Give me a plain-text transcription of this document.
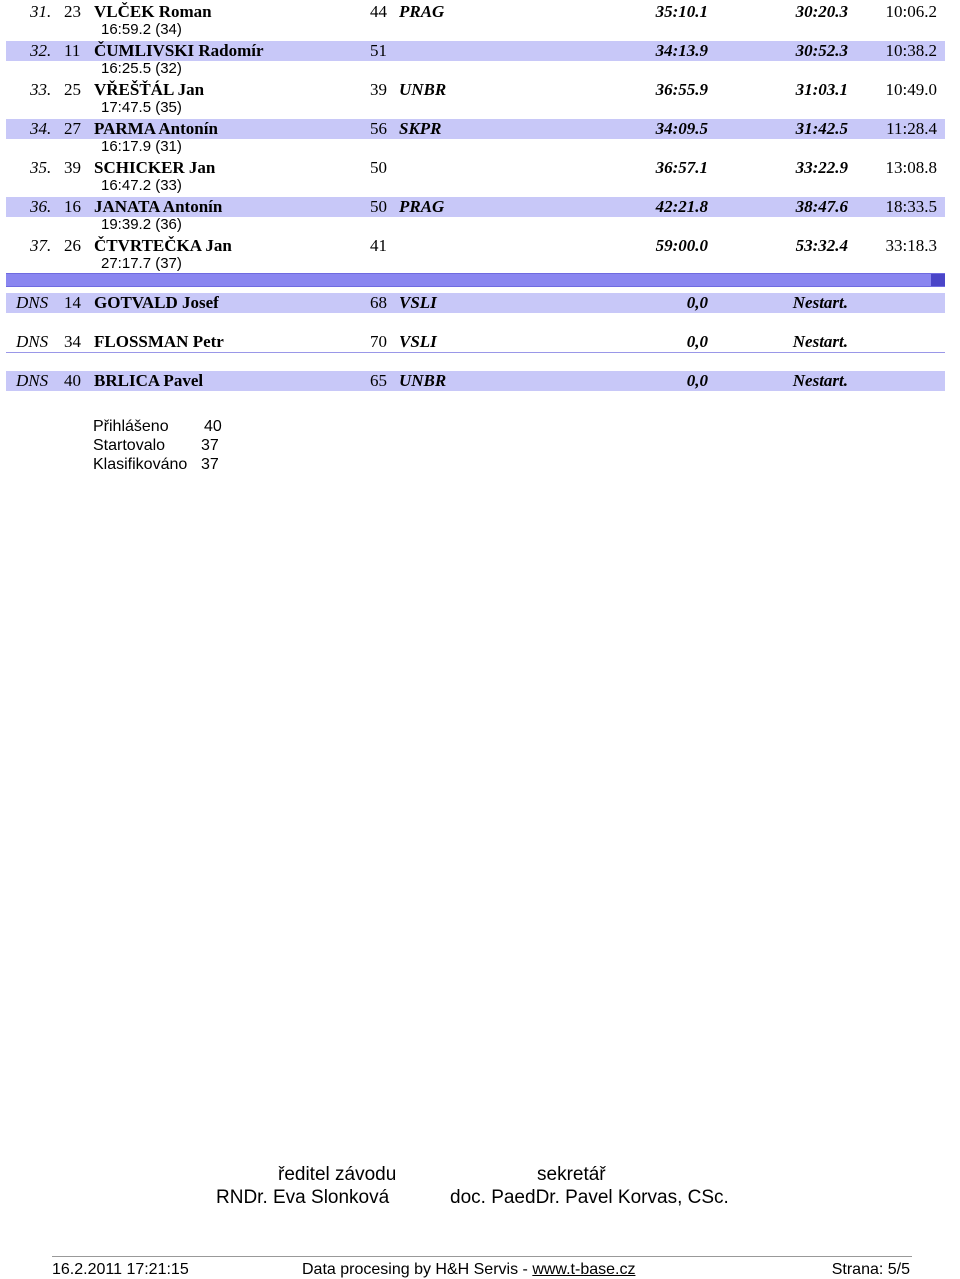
31. 23 VLČEK Roman	44 PRAG	35:10.1	30:20.3 10:06.2
16:59.2 (34)
32. 11 ČUMLIVSKI Radomír	51	34:13.9	30:52.3 10:38.2
16:25.5 (32)
33. 25 VŘEŠŤÁL Jan	39 UNBR	36:55.9	31:03.1 10:49.0
17:47.5 (35)
34. 27 PARMA Antonín	56 SKPR	34:09.5	31:42.5 11:28.4
16:17.9 (31)
35. 39 SCHICKER Jan	50	36:57.1	33:22.9 13:08.8
16:47.2 (33)
36. 16 JANATA Antonín	50 PRAG	42:21.8	38:47.6 18:33.5
19:39.2 (36)
37. 26 ČTVRTEČKA Jan	41	59:00.0	53:32.4 33:18.3
27:17.7 (37)
DNS 14 GOTVALD Josef	68 VSLI	0,0	Nestart.
DNS 34 FLOSSMAN Petr	70 VSLI	0,0	Nestart.
DNS 40 BRLICA Pavel	65 UNBR	0,0	Nestart.
Přihlášeno 40
Startovalo 37
Klasifikováno 37
ředitel závodu
RNDr. Eva Slonková
sekretář
doc. PaedDr. Pavel Korvas, CSc.
16.2.2011 17:21:15	Data procesing by H&H Servis - www.t-base.cz	Strana: 5/5
